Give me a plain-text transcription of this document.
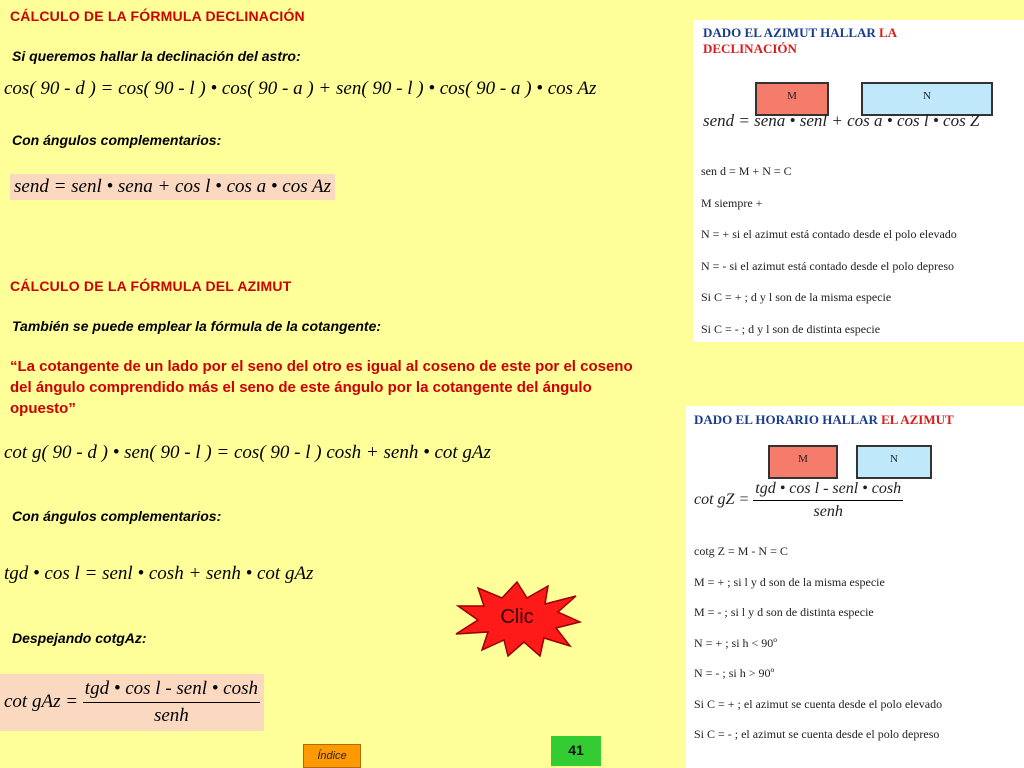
CÁLCULO DE LA FÓRMULA DECLINACIÓN
Si queremos hallar la declinación del astro:
cos( 90 - d ) = cos( 90 - l ) • cos( 90 - a ) + sen( 90 - l ) • cos( 90 - a ) • cos Az
Con ángulos complementarios:
send = senl • sena + cos l • cos a • cos Az
CÁLCULO DE LA FÓRMULA DEL AZIMUT
También se puede emplear la fórmula de la cotangente:
“La cotangente de un lado por el seno del otro es igual al coseno de este por el coseno del ángulo comprendido más el seno de este ángulo por la cotangente del ángulo opuesto”
cot g( 90 - d ) • sen( 90 - l ) = cos( 90 - l ) cosh + senh • cot gAz
Con ángulos complementarios:
tgd • cos l = senl • cosh + senh • cot gAz
Despejando cotgAz:
cot gAz = $\frac{\text{tgd • cos l - senl • cosh}}{\text{senh}}$
DADO EL AZIMUT HALLAR LA
DECLINACIÓN
M	N
send = sena • senl + cos a • cos l • cos Z
sen d = M + N = C
M siempre +
N = + si el azimut está contado desde el polo elevado
N = - si el azimut está contado desde el polo depreso
Si C = + ; d y l son de la misma especie
Si C = - ; d y l son de distinta especie
DADO EL HORARIO HALLAR EL AZIMUT
M	N
cot gZ = $\frac{\text{tgd • cos l - senl • cosh}}{\text{senh}}$
cotg Z = M - N = C
M = + ; si l y d son de la misma especie
M = - ; si l y d son de distinta especie
N = + ; si h < 90º
N = - ; si h > 90º
Si C = + ; el azimut se cuenta desde el polo elevado
Si C = - ; el azimut se cuenta desde el polo depreso
Clic
Índice	41
